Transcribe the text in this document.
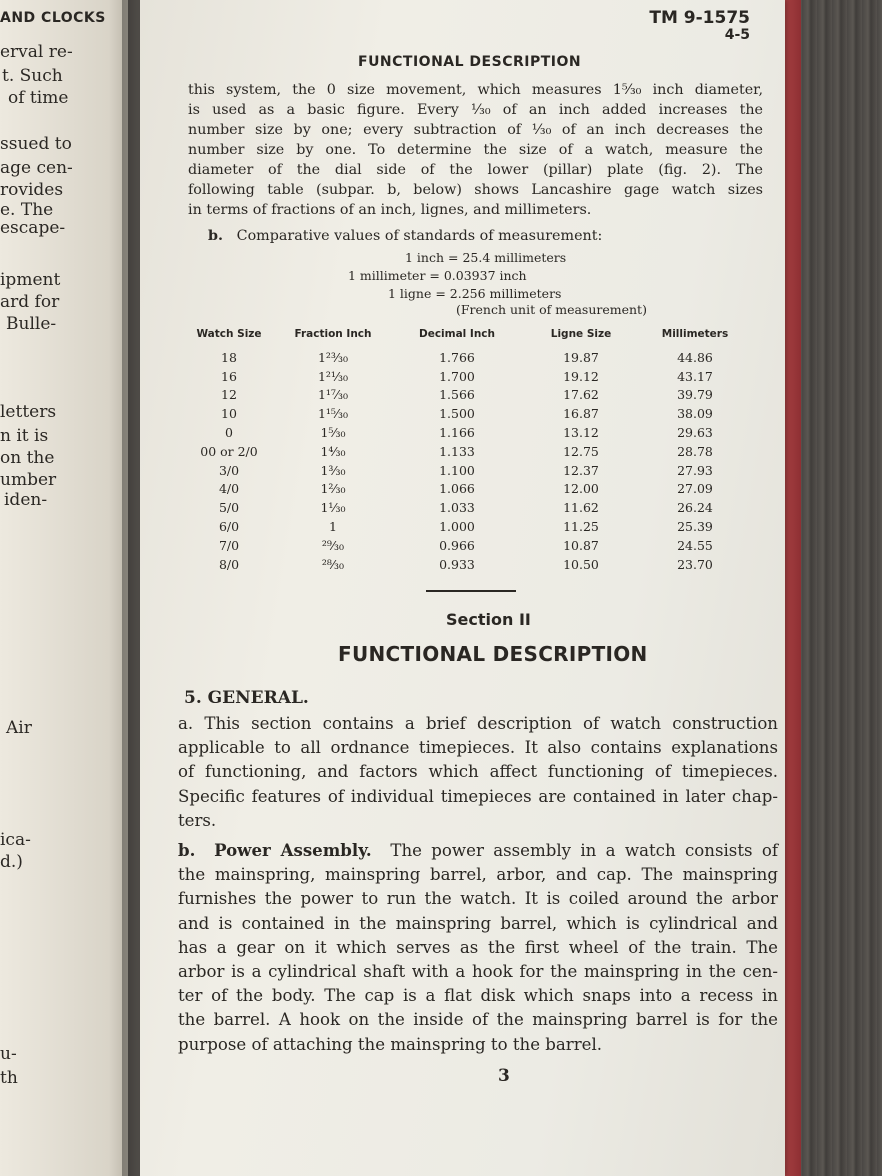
AND CLOCKS
erval re-
t. Such
of time
ssued to
age cen-
rovides
e. The
escape-
ipment
ard for
Bulle-
letters
n it is
on the
umber
iden-
Air
ica-
d.)
u-
th
TM 9-1575
4-5
FUNCTIONAL DESCRIPTION
this system, the 0 size movement, which measures 1⁵⁄₃₀ inch diameter,
is used as a basic figure. Every ¹⁄₃₀ of an inch added increases the
number size by one; every subtraction of ¹⁄₃₀ of an inch decreases the
number size by one. To determine the size of a watch, measure the
diameter of the dial side of the lower (pillar) plate (fig. 2). The
following table (subpar. b, below) shows Lancashire gage watch sizes
in terms of fractions of an inch, lignes, and millimeters.
b. Comparative values of standards of measurement:
1 inch = 25.4 millimeters
1 millimeter = 0.03937 inch
1 ligne = 2.256 millimeters
(French unit of measurement)
Watch Size	Fraction Inch	Decimal Inch	Ligne Size	Millimeters
18	1²³⁄₃₀	1.766	19.87	44.86
16	1²¹⁄₃₀	1.700	19.12	43.17
12	1¹⁷⁄₃₀	1.566	17.62	39.79
10	1¹⁵⁄₃₀	1.500	16.87	38.09
0	1⁵⁄₃₀	1.166	13.12	29.63
00 or 2/0	1⁴⁄₃₀	1.133	12.75	28.78
3/0	1³⁄₃₀	1.100	12.37	27.93
4/0	1²⁄₃₀	1.066	12.00	27.09
5/0	1¹⁄₃₀	1.033	11.62	26.24
6/0	1	1.000	11.25	25.39
7/0	²⁹⁄₃₀	0.966	10.87	24.55
8/0	²⁸⁄₃₀	0.933	10.50	23.70
Section II
FUNCTIONAL DESCRIPTION
5. GENERAL.
a. This section contains a brief description of watch construction
applicable to all ordnance timepieces. It also contains explanations
of functioning, and factors which affect functioning of timepieces.
Specific features of individual timepieces are contained in later chap-
ters.
b. Power Assembly. The power assembly in a watch consists of
the mainspring, mainspring barrel, arbor, and cap. The mainspring
furnishes the power to run the watch. It is coiled around the arbor
and is contained in the mainspring barrel, which is cylindrical and
has a gear on it which serves as the first wheel of the train. The
arbor is a cylindrical shaft with a hook for the mainspring in the cen-
ter of the body. The cap is a flat disk which snaps into a recess in
the barrel. A hook on the inside of the mainspring barrel is for the
purpose of attaching the mainspring to the barrel.
3
